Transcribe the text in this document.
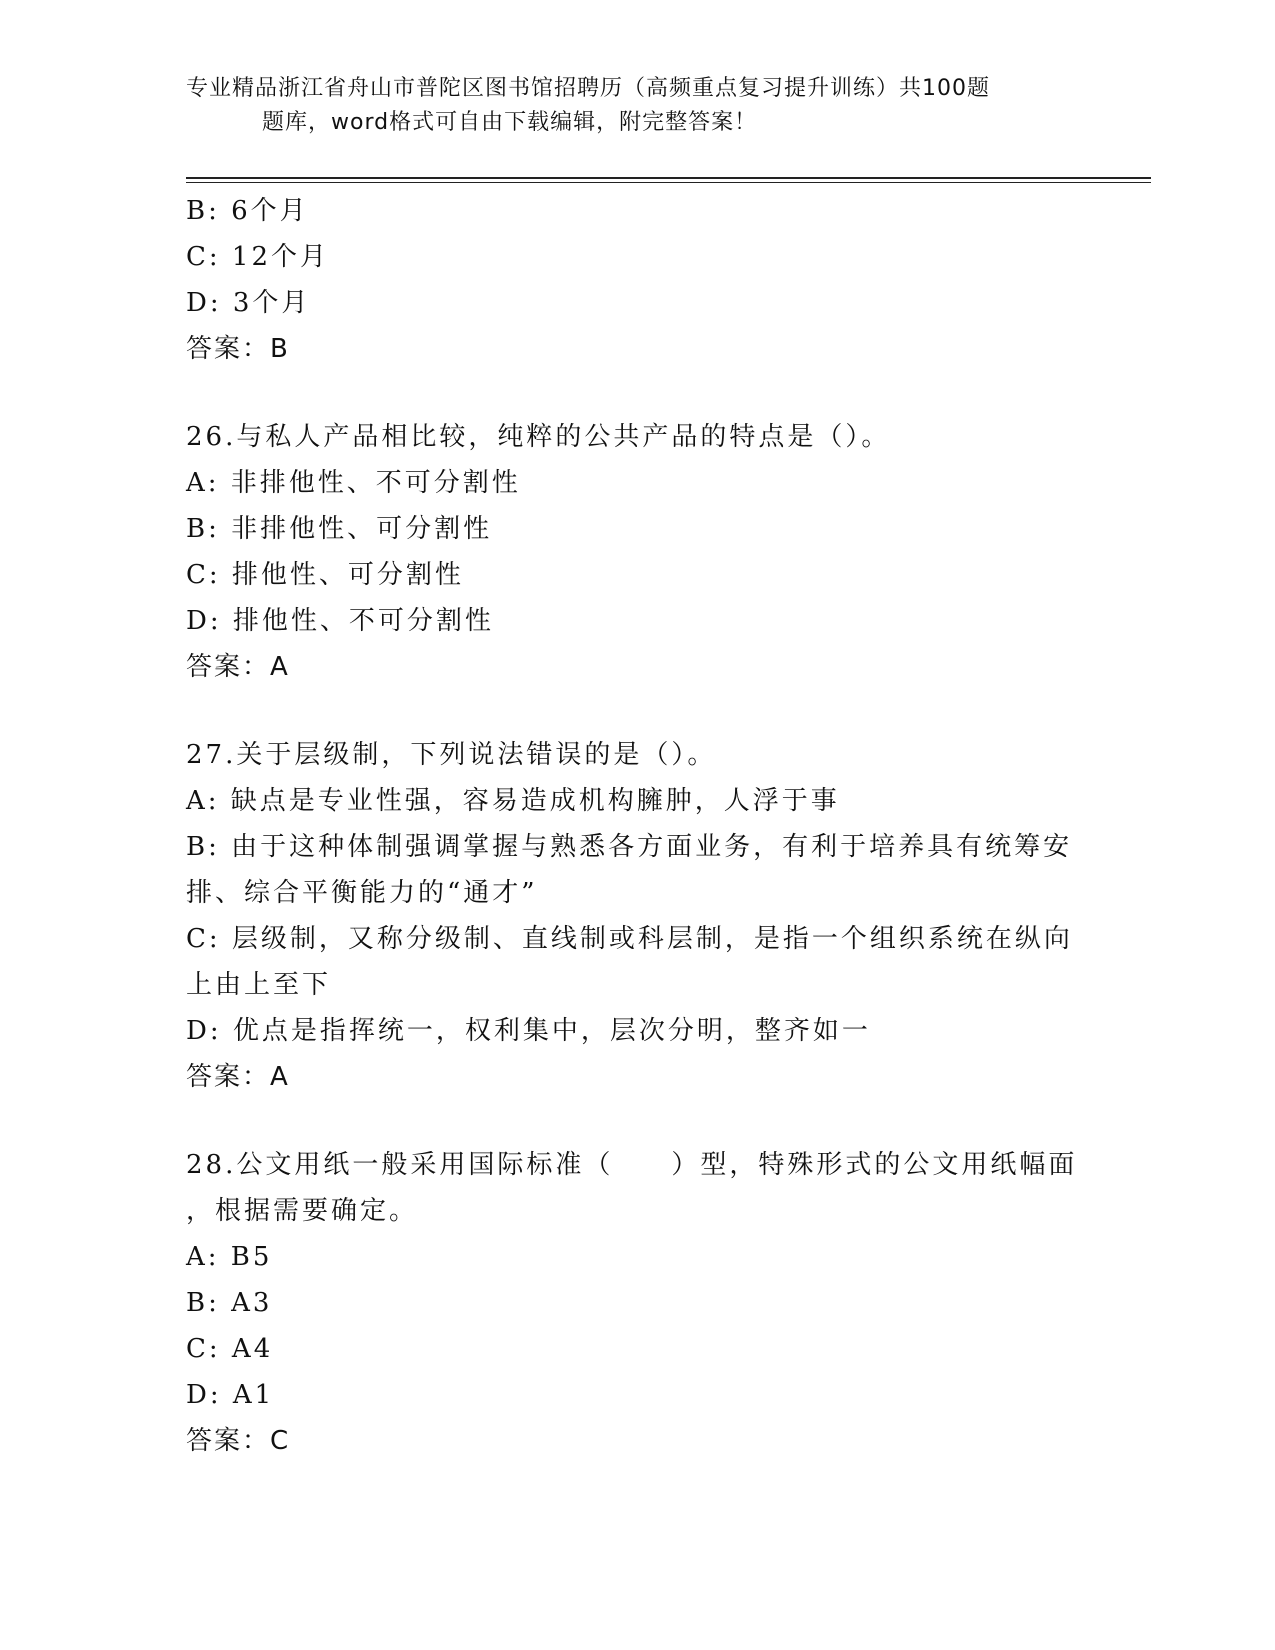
专业精品浙江省舟山市普陀区图书馆招聘历（高频重点复习提升训练）共100题
题库，word格式可自由下载编辑，附完整答案！
B: 6个月
C: 12个月
D: 3个月
答案：B
26.与私人产品相比较，纯粹的公共产品的特点是（）。
A: 非排他性、不可分割性
B: 非排他性、可分割性
C: 排他性、可分割性
D: 排他性、不可分割性
答案：A
27.关于层级制，下列说法错误的是（）。
A: 缺点是专业性强，容易造成机构臃肿，人浮于事
B: 由于这种体制强调掌握与熟悉各方面业务，有利于培养具有统筹安
排、综合平衡能力的“通才”
C: 层级制，又称分级制、直线制或科层制，是指一个组织系统在纵向
上由上至下
D: 优点是指挥统一，权利集中，层次分明，整齐如一
答案：A
28.公文用纸一般采用国际标准（　　）型，特殊形式的公文用纸幅面
，根据需要确定。
A: B5
B: A3
C: A4
D: A1
答案：C
